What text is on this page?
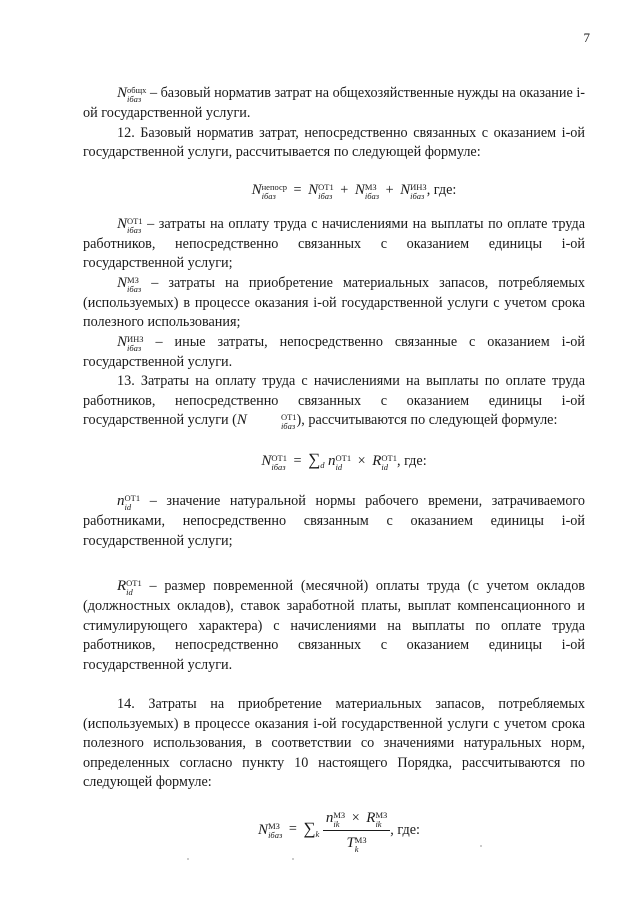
7

N общх
iбаз – базовый норматив затрат на общехозяйственные нужды на оказание i-ой государственной услуги.

12. Базовый норматив затрат, непосредственно связанных с оказанием i-ой государственной услуги, рассчитывается по следующей формуле:

N непоср
iбаз	= N ОТ1
iбаз + N МЗ
iбаз + N ИНЗ
iбаз , где:

N ОТ1
iбаз – затраты на оплату труда с начислениями на выплаты по оплате труда работников, непосредственно связанных с оказанием единицы i-ой государственной услуги;

N МЗ
iбаз – затраты на приобретение материальных запасов, потребляемых (используемых) в процессе оказания i-ой государственной услуги с учетом срока полезного использования;

N ИНЗ
iбаз – иные затраты, непосредственно связанные с оказанием i-ой государственной услуги.

13. Затраты на оплату труда с начислениями на выплаты по оплате труда работников, непосредственно связанных с оказанием единицы i-ой государственной услуги (N	ОТ1
iбаз ), рассчитываются по следующей формуле:

N ОТ1
iбаз = $\sum_d$ n ОТ1
id	× R ОТ1
id , где:

n ОТ1
id – значение натуральной нормы рабочего времени, затрачиваемого работниками, непосредственно связанным с оказанием единицы i-ой государственной услуги;

R ОТ1
id – размер повременной (месячной) оплаты труда (с учетом окладов (должностных окладов), ставок заработной платы, выплат компенсационного и стимулирующего характера) с начислениями на выплаты по оплате труда работников, непосредственно связанных с оказанием единицы i-ой государственной услуги.

14. Затраты на приобретение материальных запасов, потребляемых (используемых) в процессе оказания i-ой государственной услуги с учетом срока полезного использования, в соответствии со значениями натуральных норм, определенных согласно пункту 10 настоящего Порядка, рассчитываются по следующей формуле:

N МЗ
iбаз = $\sum_k$ n МЗ
ik × R МЗ
ik
T МЗ
k , где:
